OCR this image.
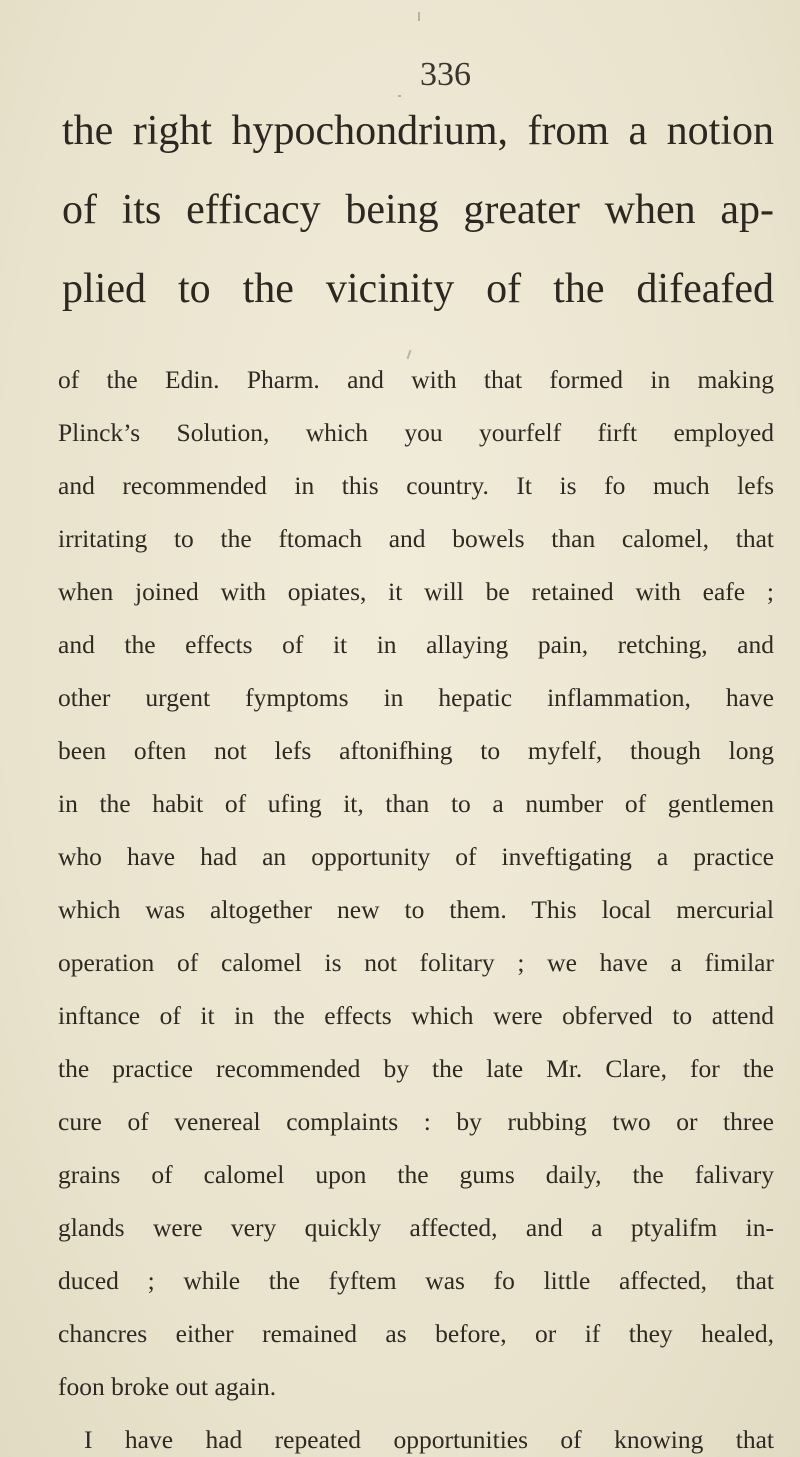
336
the right hypochondrium, from a notion
of its efficacy being greater when ap-
plied to the vicinity of the difeafed
of the Edin. Pharm. and with that formed in making
Plinck’s Solution, which you yourfelf firft employed
and recommended in this country. It is fo much lefs
irritating to the ftomach and bowels than calomel, that
when joined with opiates, it will be retained with eafe ;
and the effects of it in allaying pain, retching, and
other urgent fymptoms in hepatic inflammation, have
been often not lefs aftonifhing to myfelf, though long
in the habit of ufing it, than to a number of gentlemen
who have had an opportunity of inveftigating a practice
which was altogether new to them. This local mercurial
operation of calomel is not folitary ; we have a fimilar
inftance of it in the effects which were obferved to attend
the practice recommended by the late Mr. Clare, for the
cure of venereal complaints : by rubbing two or three
grains of calomel upon the gums daily, the falivary
glands were very quickly affected, and a ptyalifm in-
duced ; while the fyftem was fo little affected, that
chancres either remained as before, or if they healed,
foon broke out again.
I have had repeated opportunities of knowing that
